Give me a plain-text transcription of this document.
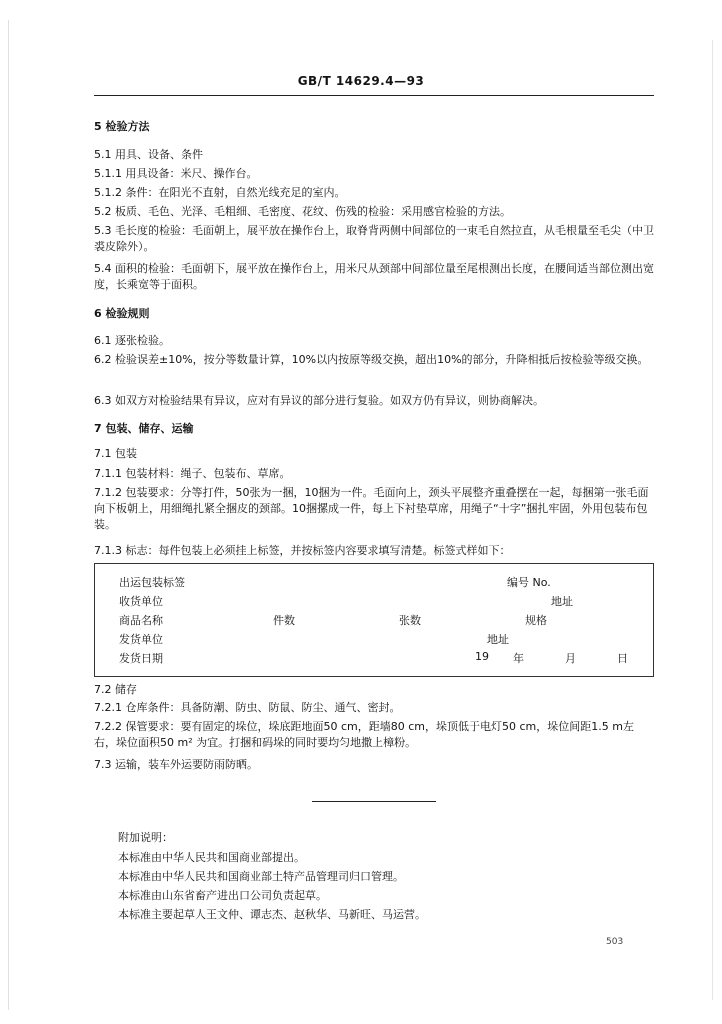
GB/T 14629.4—93
5 检验方法
5.1 用具、设备、条件
5.1.1 用具设备：米尺、操作台。
5.1.2 条件：在阳光不直射，自然光线充足的室内。
5.2 板质、毛色、光泽、毛粗细、毛密度、花纹、伤残的检验：采用感官检验的方法。
5.3 毛长度的检验：毛面朝上，展平放在操作台上，取脊背两侧中间部位的一束毛自然拉直，从毛根量至毛尖（中卫裘皮除外）。
5.4 面积的检验：毛面朝下，展平放在操作台上，用米尺从颈部中间部位量至尾根测出长度，在腰间适当部位测出宽度，长乘宽等于面积。
6 检验规则
6.1 逐张检验。
6.2 检验误差±10%，按分等数量计算，10%以内按原等级交换，超出10%的部分，升降相抵后按检验等级交换。
6.3 如双方对检验结果有异议，应对有异议的部分进行复验。如双方仍有异议，则协商解决。
7 包装、储存、运输
7.1 包装
7.1.1 包装材料：绳子、包装布、草席。
7.1.2 包装要求：分等打件，50张为一捆，10捆为一件。毛面向上，颈头平展整齐重叠摆在一起，每捆第一张毛面向下板朝上，用细绳扎紧全捆皮的颈部。10捆摞成一件，每上下衬垫草席，用绳子“十字”捆扎牢固，外用包装布包装。
7.1.3 标志：每件包装上必须挂上标签，并按标签内容要求填写清楚。标签式样如下：
出运包装标签	编号 No.
收货单位	地址
商品名称	件数	张数	规格
发货单位	地址
发货日期	19 年	月	日
7.2 储存
7.2.1 仓库条件：具备防潮、防虫、防鼠、防尘、通气、密封。
7.2.2 保管要求：要有固定的垛位，垛底距地面50 cm，距墙80 cm，垛顶低于电灯50 cm，垛位间距1.5 m左右，垛位面积50 m² 为宜。打捆和码垛的同时要均匀地撒上樟粉。
7.3 运输，装车外运要防雨防晒。
附加说明：
本标准由中华人民共和国商业部提出。
本标准由中华人民共和国商业部土特产品管理司归口管理。
本标准由山东省畜产进出口公司负责起草。
本标准主要起草人王文仲、谭志杰、赵秋华、马新旺、马运营。
503
